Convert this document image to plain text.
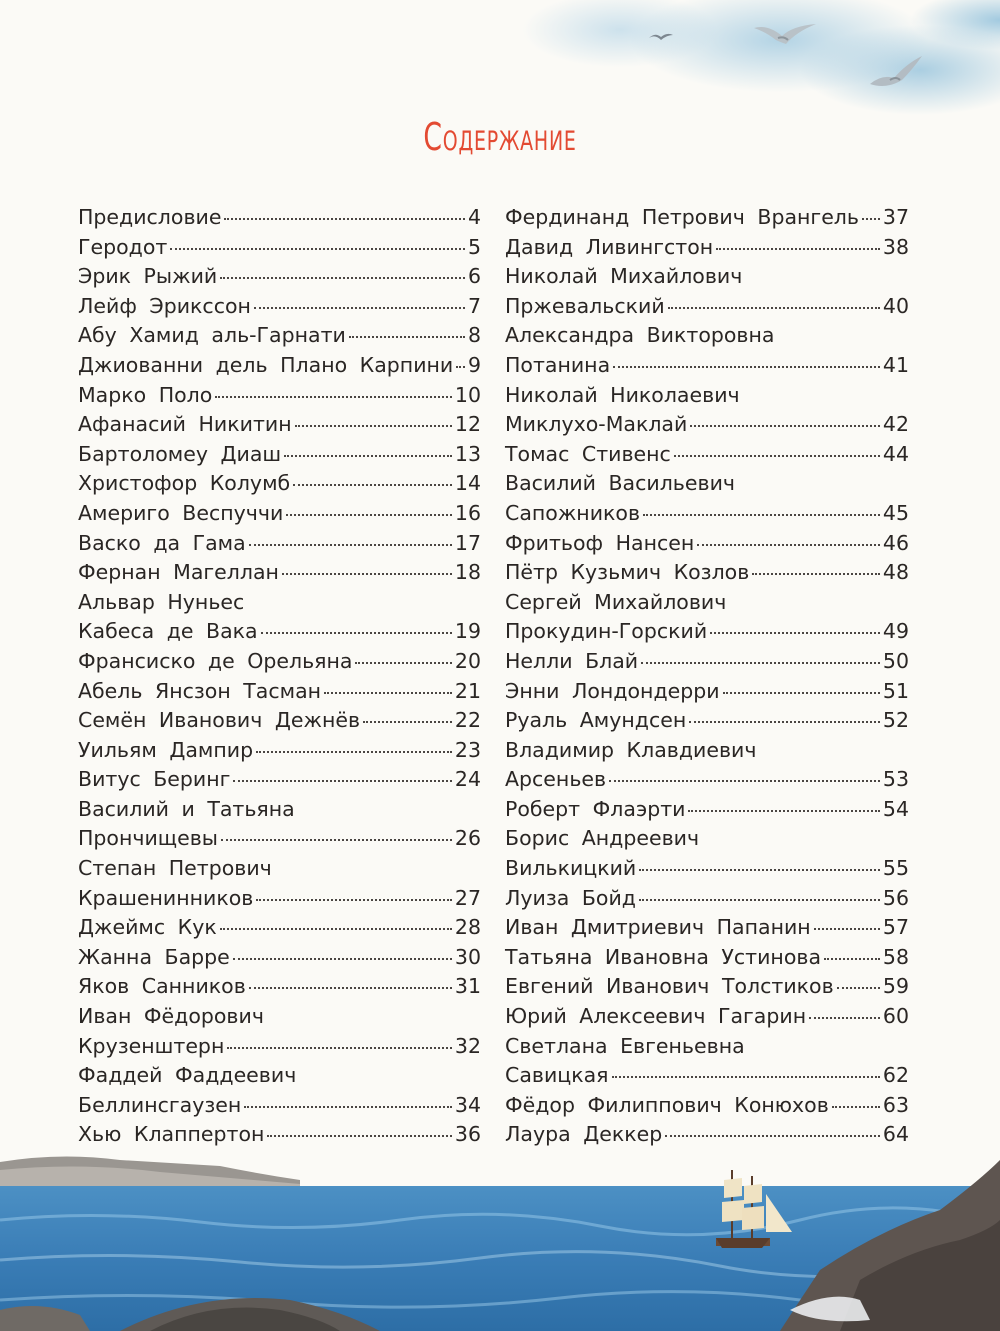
Содержание
Предисловие	4
Геродот	5
Эрик Рыжий	6
Лейф Эриксcон	7
Абу Хамид аль-Гарнати	8
Джиованни дель Плано Карпини 9
Марко Поло	10
Афанасий Никитин	12
Бартоломеу Диаш	13
Христофор Колумб	14
Америго Веспуччи	16
Васко да Гама	17
Фернан Магеллан	18
Альвар Нуньес
Кабеса де Вака	19
Франсиско де Орельяна	20
Абель Янсзон Тасман	21
Семён Иванович Дежнёв	22
Уильям Дампир	23
Витус Беринг	24
Василий и Татьяна
Прончищевы	26
Степан Петрович
Крашенинников	27
Джеймс Кук	28
Жанна Барре	30
Яков Санников	31
Иван Фёдорович
Крузенштерн	32
Фаддей Фаддеевич
Беллинсгаузен	34
Хью Клаппертон	36
Фердинанд Петрович Врангель 37
Давид Ливингстон	38
Николай Михайлович
Пржевальский	40
Александра Викторовна
Потанина	41
Николай Николаевич
Миклухо-Маклай	42
Томас Стивенс	44
Василий Васильевич
Сапожников	45
Фритьоф Нансен	46
Пётр Кузьмич Козлов	48
Сергей Михайлович
Прокудин-Горский	49
Нелли Блай	50
Энни Лондондерри	51
Руаль Амундсен	52
Владимир Клавдиевич
Арсеньев	53
Роберт Флаэрти	54
Борис Андреевич
Вилькицкий	55
Луиза Бойд	56
Иван Дмитриевич Папанин	57
Татьяна Ивановна Устинова	58
Евгений Иванович Толстиков 59
Юрий Алексеевич Гагарин	60
Светлана Евгеньевна
Савицкая	62
Фёдор Филиппович Конюхов	63
Лаура Деккер	64
